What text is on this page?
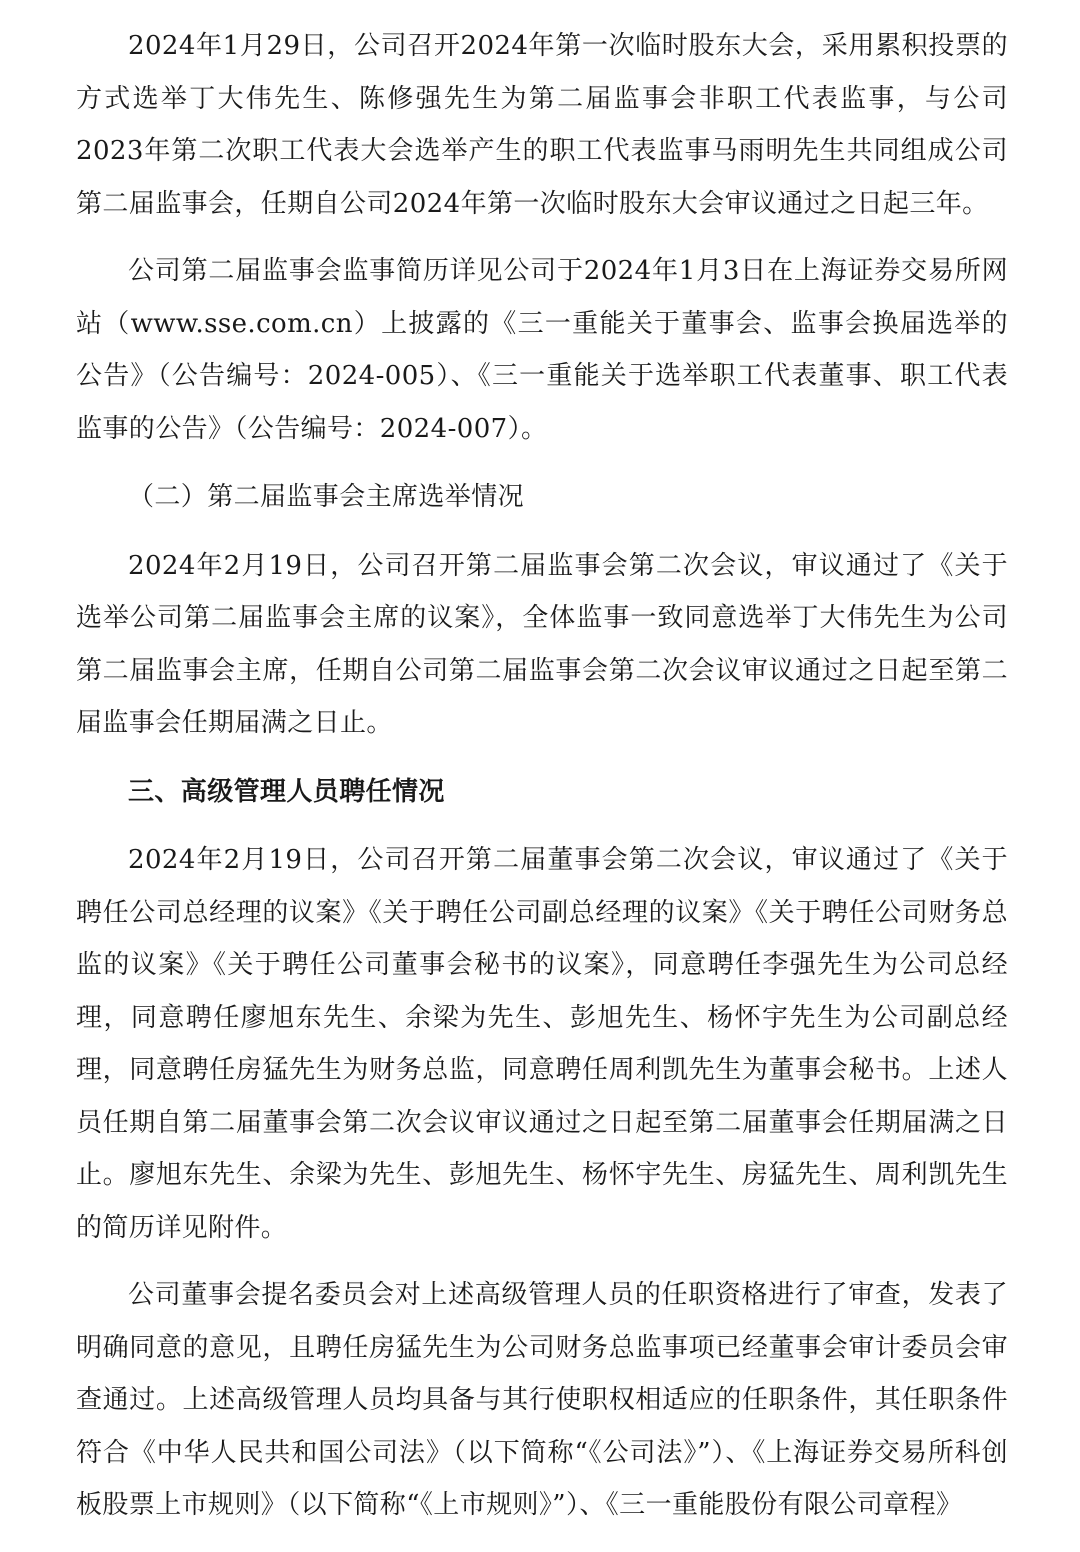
2024年1月29日，公司召开2024年第一次临时股东大会，采用累积投票的方式选举丁大伟先生、陈修强先生为第二届监事会非职工代表监事，与公司2023年第二次职工代表大会选举产生的职工代表监事马雨明先生共同组成公司第二届监事会，任期自公司2024年第一次临时股东大会审议通过之日起三年。

公司第二届监事会监事简历详见公司于2024年1月3日在上海证券交易所网站（www.sse.com.cn）上披露的《三一重能关于董事会、监事会换届选举的公告》（公告编号：2024-005）、《三一重能关于选举职工代表董事、职工代表监事的公告》（公告编号：2024-007）。

（二）第二届监事会主席选举情况

2024年2月19日，公司召开第二届监事会第二次会议，审议通过了《关于选举公司第二届监事会主席的议案》，全体监事一致同意选举丁大伟先生为公司第二届监事会主席，任期自公司第二届监事会第二次会议审议通过之日起至第二届监事会任期届满之日止。

三、高级管理人员聘任情况

2024年2月19日，公司召开第二届董事会第二次会议，审议通过了《关于聘任公司总经理的议案》《关于聘任公司副总经理的议案》《关于聘任公司财务总监的议案》《关于聘任公司董事会秘书的议案》，同意聘任李强先生为公司总经理，同意聘任廖旭东先生、余梁为先生、彭旭先生、杨怀宇先生为公司副总经理，同意聘任房猛先生为财务总监，同意聘任周利凯先生为董事会秘书。上述人员任期自第二届董事会第二次会议审议通过之日起至第二届董事会任期届满之日止。廖旭东先生、余梁为先生、彭旭先生、杨怀宇先生、房猛先生、周利凯先生的简历详见附件。

公司董事会提名委员会对上述高级管理人员的任职资格进行了审查，发表了明确同意的意见，且聘任房猛先生为公司财务总监事项已经董事会审计委员会审查通过。上述高级管理人员均具备与其行使职权相适应的任职条件，其任职条件符合《中华人民共和国公司法》（以下简称“《公司法》”）、《上海证券交易所科创板股票上市规则》（以下简称“《上市规则》”）、《三一重能股份有限公司章程》
